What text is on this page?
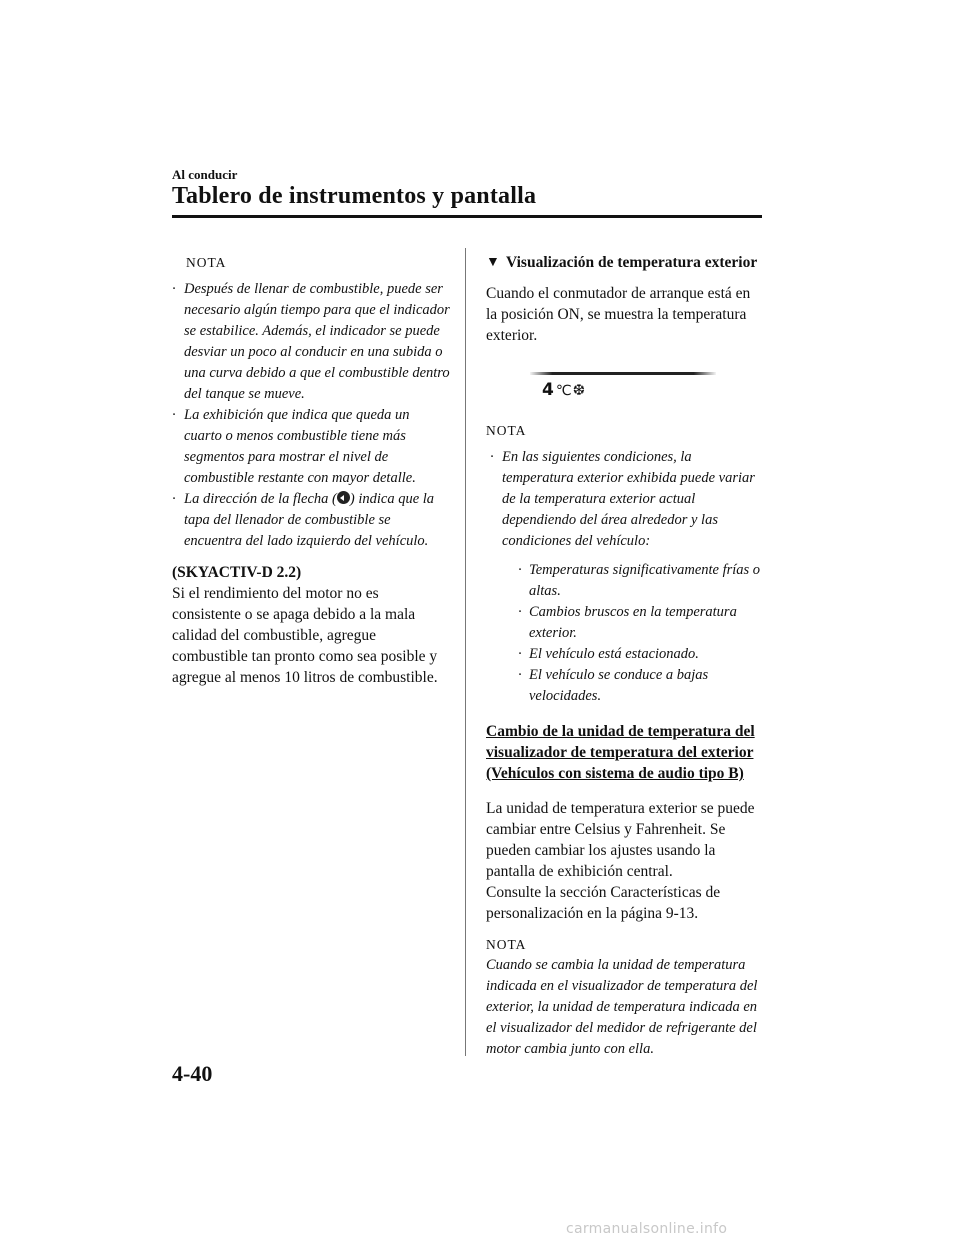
Al conducir
Tablero de instrumentos y pantalla
NOTA
· Después de llenar de combustible, puede ser necesario algún tiempo para que el indicador se estabilice. Además, el indicador se puede desviar un poco al conducir en una subida o una curva debido a que el combustible dentro del tanque se mueve.
· La exhibición que indica que queda un cuarto o menos combustible tiene más segmentos para mostrar el nivel de combustible restante con mayor detalle.
· La dirección de la flecha ( ) indica que la tapa del llenador de combustible se encuentra del lado izquierdo del vehículo.
(SKYACTIV-D 2.2)

Si el rendimiento del motor no es consistente o se apaga debido a la mala calidad del combustible, agregue combustible tan pronto como sea posible y agregue al menos 10 litros de combustible.

▼ Visualización de temperatura exterior

Cuando el conmutador de arranque está en la posición ON, se muestra la temperatura exterior.

4 ℃❆
NOTA
· En las siguientes condiciones, la temperatura exterior exhibida puede variar de la temperatura exterior actual dependiendo del área alrededor y las condiciones del vehículo:
· Temperaturas significativamente frías o altas.
· Cambios bruscos en la temperatura exterior.
· El vehículo está estacionado.
· El vehículo se conduce a bajas velocidades.
Cambio de la unidad de temperatura del visualizador de temperatura del exterior (Vehículos con sistema de audio tipo B)

La unidad de temperatura exterior se puede cambiar entre Celsius y Fahrenheit. Se pueden cambiar los ajustes usando la pantalla de exhibición central.

Consulte la sección Características de personalización en la página 9-13.

NOTA
Cuando se cambia la unidad de temperatura indicada en el visualizador de temperatura del exterior, la unidad de temperatura indicada en el visualizador del medidor de refrigerante del motor cambia junto con ella.
4-40
carmanualsonline.info
